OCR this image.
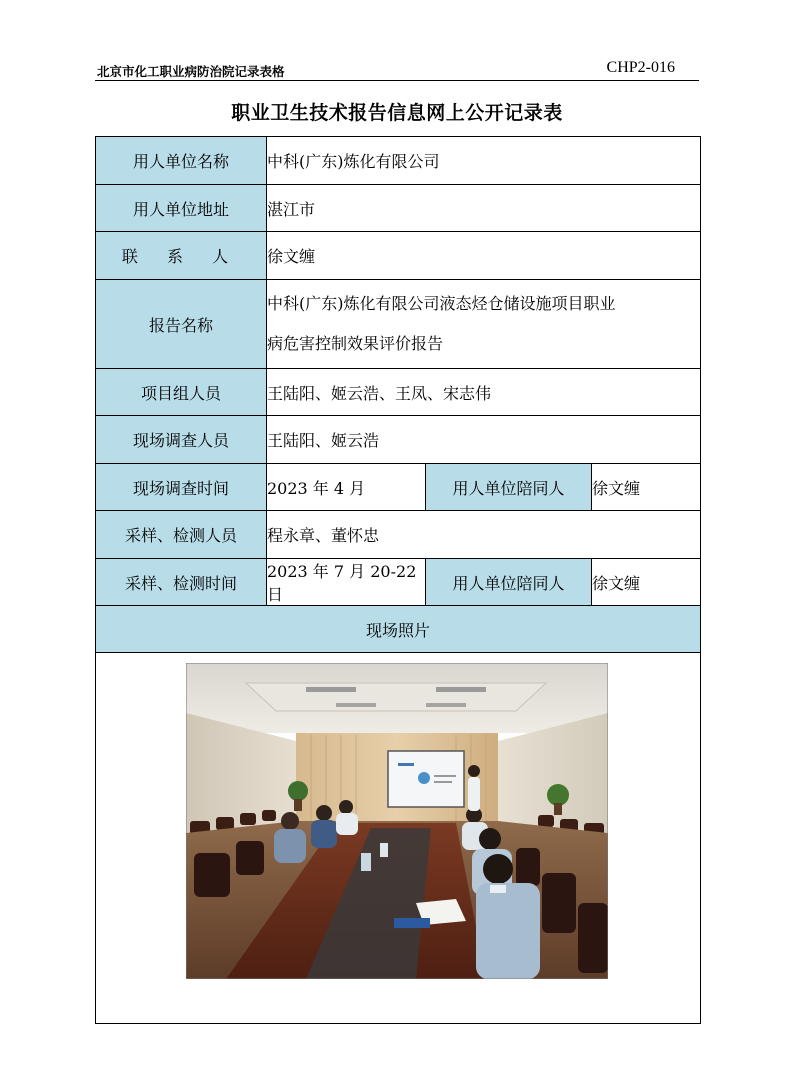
北京市化工职业病防治院记录表格	CHP2-016
职业卫生技术报告信息网上公开记录表
用人单位名称	中科(广东)炼化有限公司		
用人单位地址	湛江市		
联 系 人	徐文缠		
报告名称	中科(广东)炼化有限公司液态烃仓储设施项目职业
病危害控制效果评价报告		

项目组人员	王陆阳、姬云浩、王凤、宋志伟		
现场调查人员	王陆阳、姬云浩		
现场调查时间	2023 年 4 月	用人单位陪同人	徐文缠
采样、检测人员	程永章、董怀忠		
采样、检测时间	2023 年 7 月 20-22 日	用人单位陪同人	徐文缠
现场照片			
